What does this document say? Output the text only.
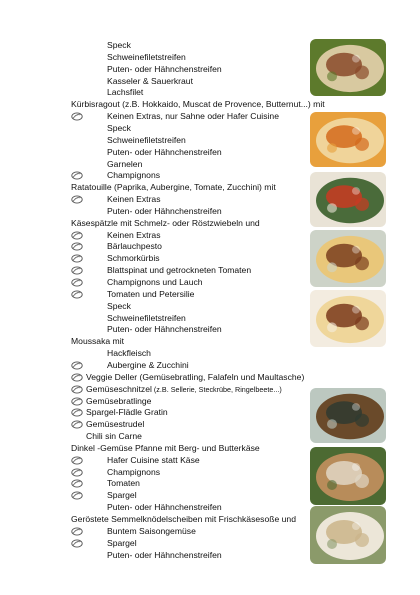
Speck
Schweinefiletstreifen
Puten- oder Hähnchenstreifen
Kasseler & Sauerkraut
Lachsfilet
Kürbisragout (z.B. Hokkaido, Muscat de Provence, Butternut...) mit
Keinen Extras, nur Sahne oder Hafer Cuisine
Speck
Schweinefiletstreifen
Puten- oder Hähnchenstreifen
Garnelen
Champignons
Ratatouille (Paprika, Aubergine, Tomate, Zucchini) mit
Keinen Extras
Puten- oder Hähnchenstreifen
Käsespätzle mit Schmelz- oder Röstzwiebeln und
Keinen Extras
Bärlauchpesto
Schmorkürbis
Blattspinat und getrockneten Tomaten
Champignons und Lauch
Tomaten und Petersilie
Speck
Schweinefiletstreifen
Puten- oder Hähnchenstreifen
Moussaka mit
Hackfleisch
Aubergine & Zucchini
Veggie Deller (Gemüsebratling, Falafeln und Maultasche)
Gemüseschnitzel (z.B. Sellerie, Steckrübe, Ringelbeete...)
Gemüsebratlinge
Spargel-Flädle Gratin
Gemüsestrudel
Chili sin Carne
Dinkel -Gemüse Pfanne mit Berg- und Butterkäse
Hafer Cuisine statt Käse
Champignons
Tomaten
Spargel
Puten- oder Hähnchenstreifen
Geröstete Semmelknödelscheiben mit Frischkäsesoße und
Buntem Saisongemüse
Spargel
Puten- oder Hähnchenstreifen
